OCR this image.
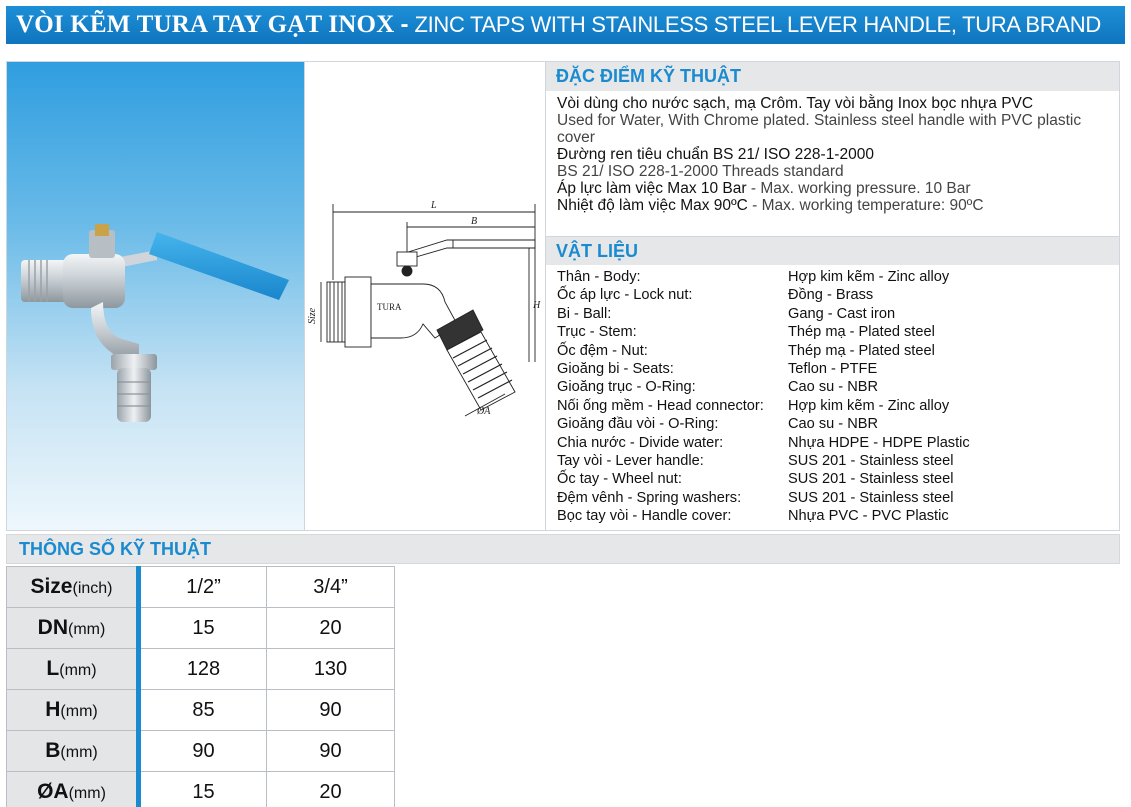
VÒI KẼM TURA TAY GẠT INOX - ZINC TAPS WITH STAINLESS STEEL LEVER HANDLE, TURA BRAND
L
B
H
Size
ØA
TURA
ĐẶC ĐIỂM KỸ THUẬT
Vòi dùng cho nước sạch, mạ Crôm. Tay vòi bằng Inox bọc nhựa PVC
Used for Water, With Chrome plated. Stainless steel handle with PVC plastic cover
Đường ren tiêu chuẩn BS 21/ ISO 228-1-2000
BS 21/ ISO 228-1-2000 Threads standard
Áp lực làm việc Max 10 Bar - Max. working pressure. 10 Bar
Nhiệt độ làm việc Max 90ºC - Max. working temperature: 90ºC
VẬT LIỆU
Thân - Body:	Hợp kim kẽm - Zinc alloy
Ốc áp lực - Lock nut:	Đồng - Brass
Bi - Ball:	Gang - Cast iron
Trục - Stem:	Thép mạ - Plated steel
Ốc đệm - Nut:	Thép mạ - Plated steel
Gioăng bi - Seats:	Teflon - PTFE
Gioăng trục - O-Ring:	Cao su - NBR
Nối ống mềm - Head connector:	Hợp kim kẽm - Zinc alloy
Gioăng đầu vòi - O-Ring:	Cao su - NBR
Chia nước - Divide water:	Nhựa HDPE - HDPE Plastic
Tay vòi - Lever handle:	SUS 201 - Stainless steel
Ốc tay - Wheel nut:	SUS 201 - Stainless steel
Đệm vênh - Spring washers:	SUS 201 - Stainless steel
Bọc tay vòi - Handle cover:	Nhựa PVC - PVC Plastic
THÔNG SỐ KỸ THUẬT
Size(inch)	1/2”	3/4”
DN(mm)	15	20
L(mm)	128	130
H(mm)	85	90
B(mm)	90	90
ØA(mm)	15	20
